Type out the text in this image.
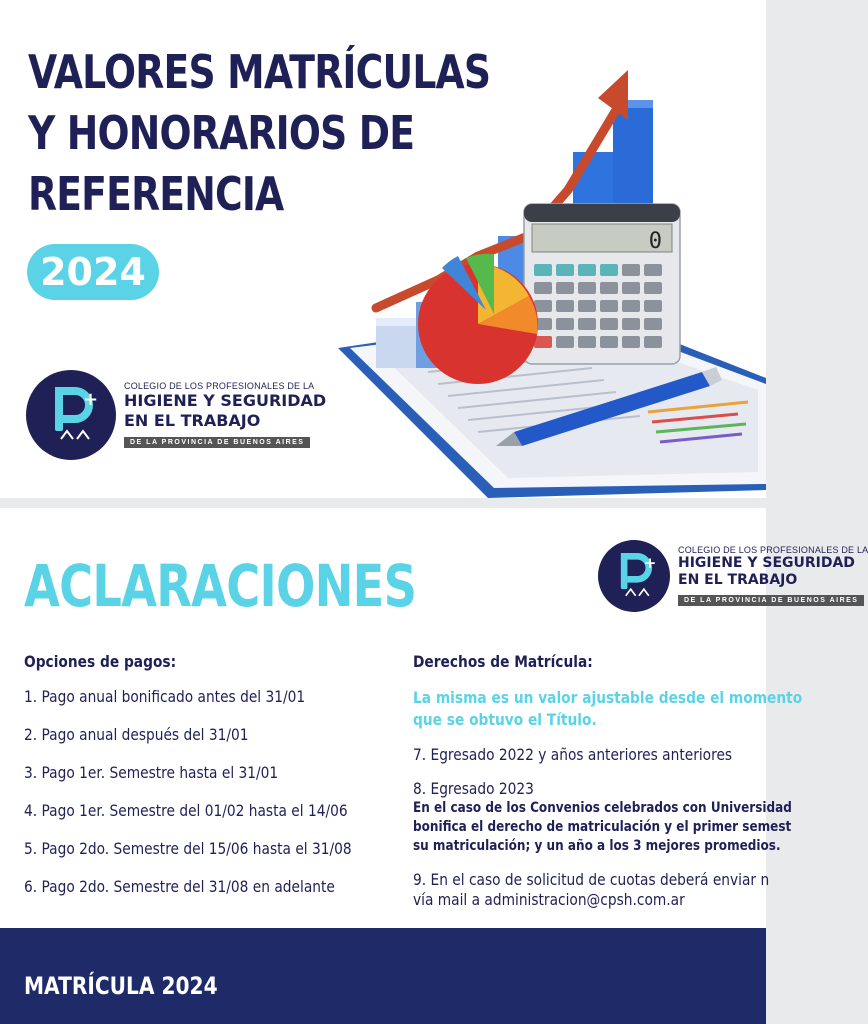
VALORES MATRÍCULAS
Y HONORARIOS DE
REFERENCIA
2024
0
+
COLEGIO DE LOS PROFESIONALES DE LA
HIGIENE Y SEGURIDAD
EN EL TRABAJO
DE LA PROVINCIA DE BUENOS AIRES
ACLARACIONES	+
COLEGIO DE LOS PROFESIONALES DE LA
HIGIENE Y SEGURIDAD
EN EL TRABAJO
DE LA PROVINCIA DE BUENOS AIRES
Opciones de pagos:
1. Pago anual bonificado antes del 31/01
2. Pago anual después del 31/01
3. Pago 1er. Semestre hasta el 31/01
4. Pago 1er. Semestre del 01/02 hasta el 14/06
5. Pago 2do. Semestre del 15/06 hasta el 31/08
6. Pago 2do. Semestre del 31/08 en adelante
Derechos de Matrícula:
La misma es un valor ajustable desde el momento
que se obtuvo el Título.
7. Egresado 2022 y años anteriores anteriores
8. Egresado 2023
En el caso de los Convenios celebrados con Universidad
bonifica el derecho de matriculación y el primer semest
su matriculación; y un año a los 3 mejores promedios.
9. En el caso de solicitud de cuotas deberá enviar n
vía mail a administracion@cpsh.com.ar
MATRÍCULA 2024
